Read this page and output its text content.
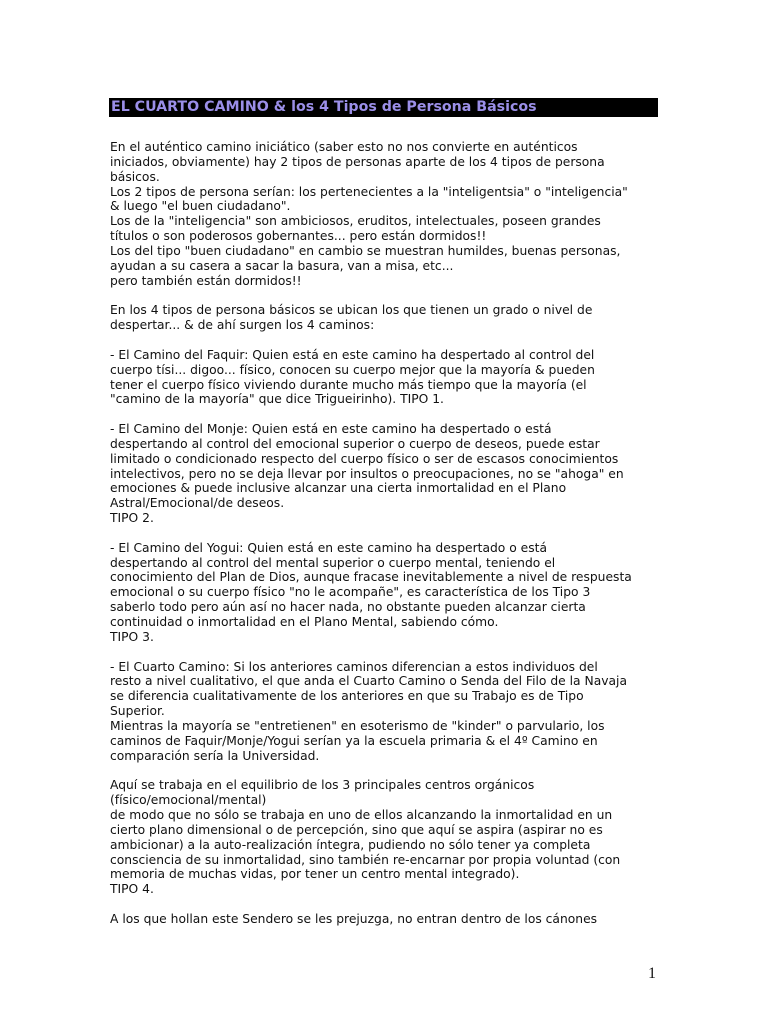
EL CUARTO CAMINO & los 4 Tipos de Persona Básicos
En el auténtico camino iniciático (saber esto no nos convierte en auténticos
iniciados, obviamente) hay 2 tipos de personas aparte de los 4 tipos de persona
básicos.
Los 2 tipos de persona serían: los pertenecientes a la "inteligentsia" o "inteligencia"
& luego "el buen ciudadano".
Los de la "inteligencia" son ambiciosos, eruditos, intelectuales, poseen grandes
títulos o son poderosos gobernantes... pero están dormidos!!
Los del tipo "buen ciudadano" en cambio se muestran humildes, buenas personas,
ayudan a su casera a sacar la basura, van a misa, etc...
pero también están dormidos!!
En los 4 tipos de persona básicos se ubican los que tienen un grado o nivel de
despertar... & de ahí surgen los 4 caminos:
- El Camino del Faquir: Quien está en este camino ha despertado al control del
cuerpo tísi... digoo... físico, conocen su cuerpo mejor que la mayoría & pueden
tener el cuerpo físico viviendo durante mucho más tiempo que la mayoría (el
"camino de la mayoría" que dice Trigueirinho). TIPO 1.
- El Camino del Monje: Quien está en este camino ha despertado o está
despertando al control del emocional superior o cuerpo de deseos, puede estar
limitado o condicionado respecto del cuerpo físico o ser de escasos conocimientos
intelectivos, pero no se deja llevar por insultos o preocupaciones, no se "ahoga" en
emociones & puede inclusive alcanzar una cierta inmortalidad en el Plano
Astral/Emocional/de deseos.
TIPO 2.
- El Camino del Yogui: Quien está en este camino ha despertado o está
despertando al control del mental superior o cuerpo mental, teniendo el
conocimiento del Plan de Dios, aunque fracase inevitablemente a nivel de respuesta
emocional o su cuerpo físico "no le acompañe", es característica de los Tipo 3
saberlo todo pero aún así no hacer nada, no obstante pueden alcanzar cierta
continuidad o inmortalidad en el Plano Mental, sabiendo cómo.
TIPO 3.
- El Cuarto Camino: Si los anteriores caminos diferencian a estos individuos del
resto a nivel cualitativo, el que anda el Cuarto Camino o Senda del Filo de la Navaja
se diferencia cualitativamente de los anteriores en que su Trabajo es de Tipo
Superior.
Mientras la mayoría se "entretienen" en esoterismo de "kinder" o parvulario, los
caminos de Faquir/Monje/Yogui serían ya la escuela primaria & el 4º Camino en
comparación sería la Universidad.
Aquí se trabaja en el equilibrio de los 3 principales centros orgánicos
(físico/emocional/mental)
de modo que no sólo se trabaja en uno de ellos alcanzando la inmortalidad en un
cierto plano dimensional o de percepción, sino que aquí se aspira (aspirar no es
ambicionar) a la auto-realización íntegra, pudiendo no sólo tener ya completa
consciencia de su inmortalidad, sino también re-encarnar por propia voluntad (con
memoria de muchas vidas, por tener un centro mental integrado).
TIPO 4.
A los que hollan este Sendero se les prejuzga, no entran dentro de los cánones
1
